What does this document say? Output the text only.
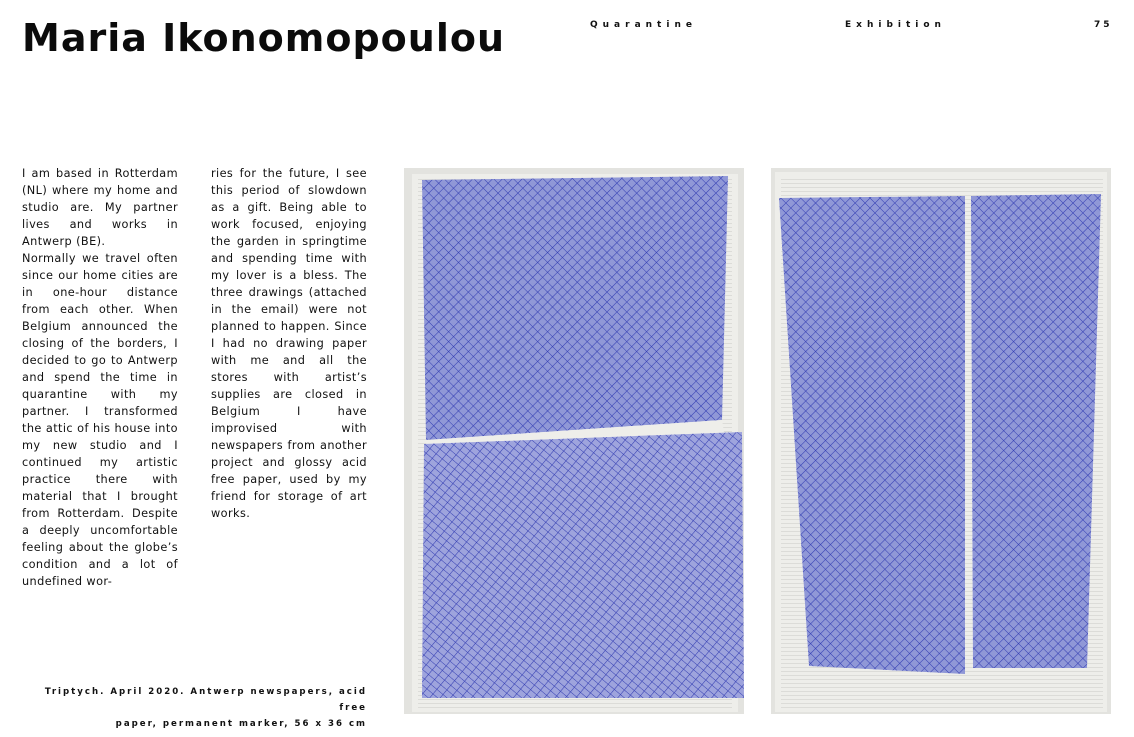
Maria Ikonomopoulou	Quarantine	Exhibition	75

I am based in Rotterdam (NL) where my home and studio are. My partner lives and works in Antwerp (BE).

Normally we travel often since our home cities are in one-hour distance from each other. When Belgium announced the closing of the borders, I decided to go to Antwerp and spend the time in quarantine with my partner. I transformed the attic of his house into my new studio and I continued my artistic practice there with material that I brought from Rotterdam. Despite a deeply uncomfortable feeling about the globe’s condition and a lot of undefined wor-

ries for the future, I see this period of slowdown as a gift. Being able to work focused, enjoying the garden in springtime and spending time with my lover is a bless. The three drawings (attached in the email) were not planned to happen. Since I had no drawing paper with me and all the stores with artist’s supplies are closed in Belgium I have improvised with newspapers from another project and glossy acid free paper, used by my friend for storage of art works.

Triptych. April 2020. Antwerp newspapers, acid free
paper, permanent marker, 56 x 36 cm
